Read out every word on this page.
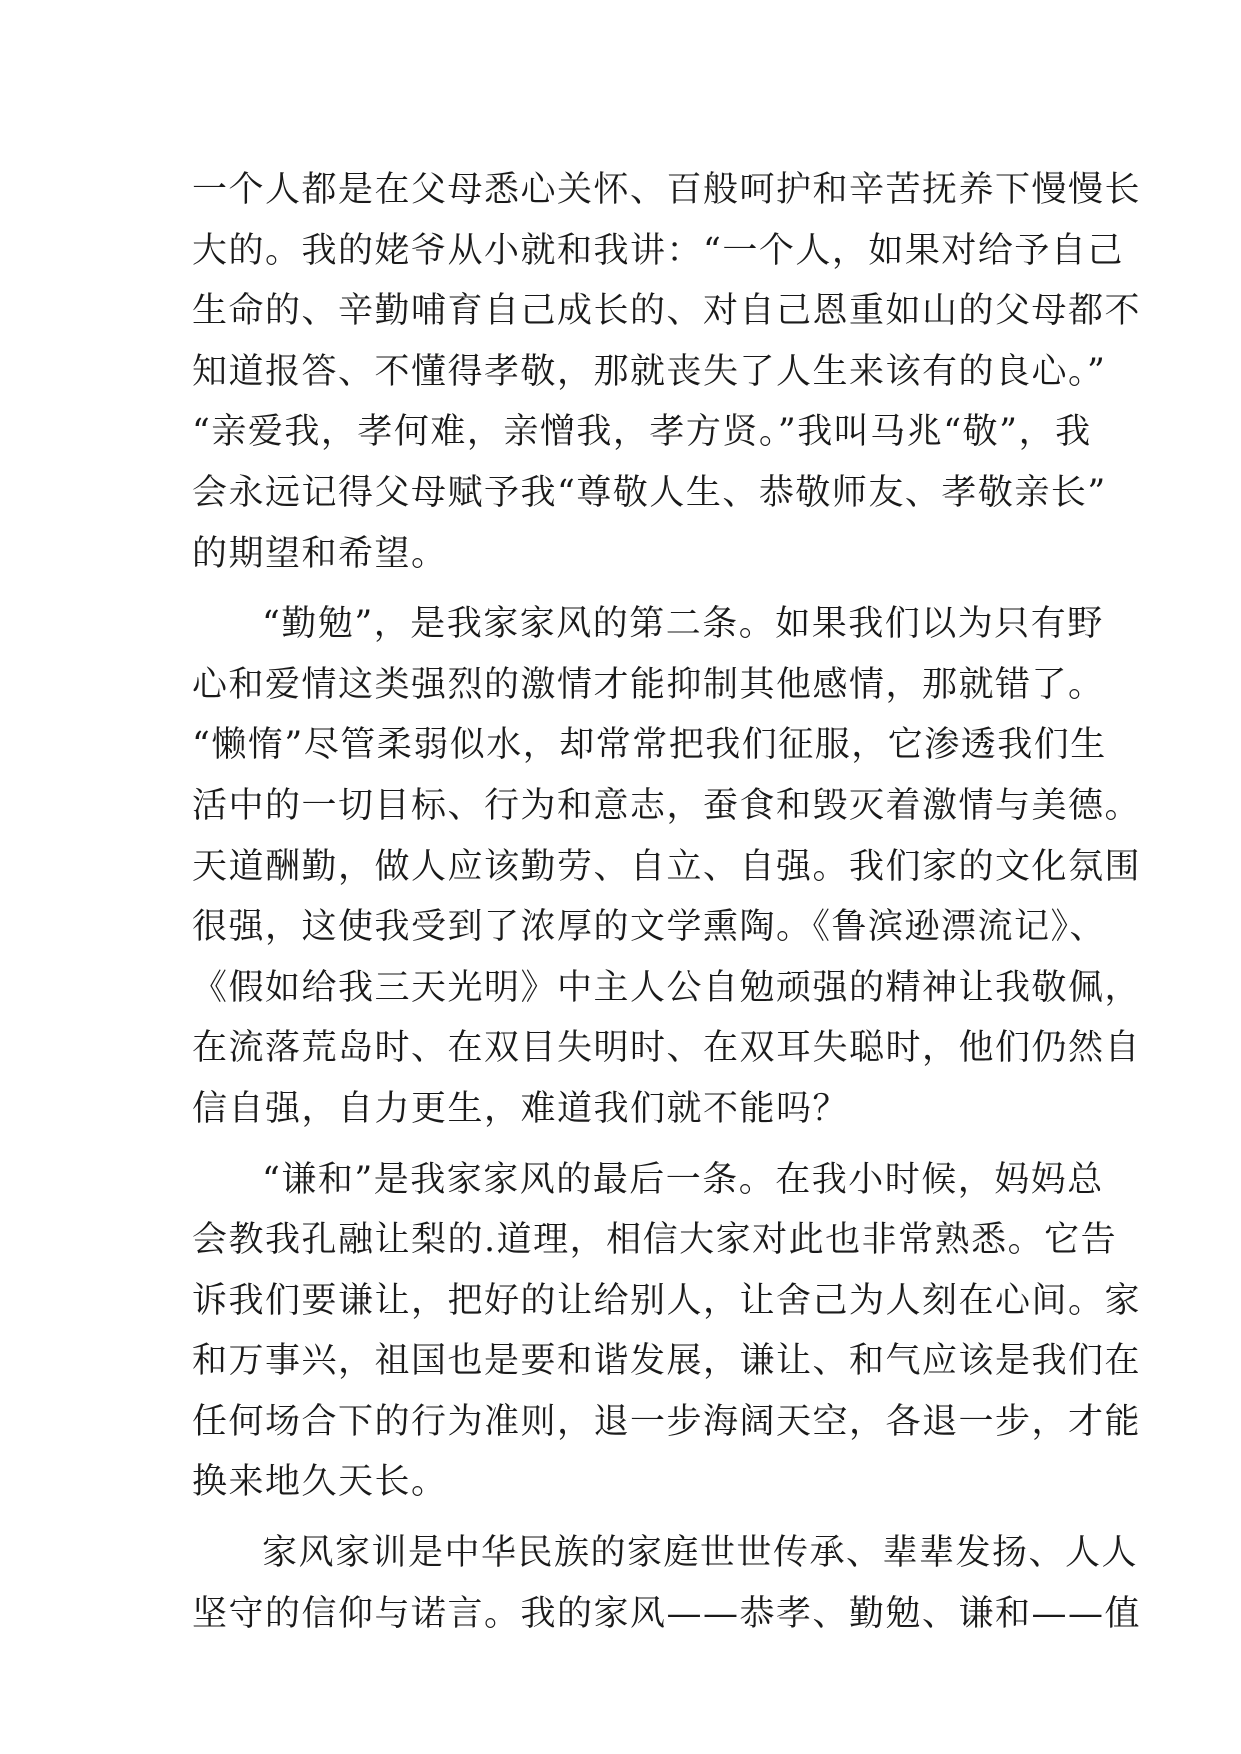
一个人都是在父母悉心关怀、百般呵护和辛苦抚养下慢慢长
大的。我的姥爷从小就和我讲：“一个人，如果对给予自己
生命的、辛勤哺育自己成长的、对自己恩重如山的父母都不
知道报答、不懂得孝敬，那就丧失了人生来该有的良心。”
“亲爱我，孝何难，亲憎我，孝方贤。”我叫马兆“敬”，我
会永远记得父母赋予我“尊敬人生、恭敬师友、孝敬亲长”
的期望和希望。
“勤勉”，是我家家风的第二条。如果我们以为只有野
心和爱情这类强烈的激情才能抑制其他感情，那就错了。
“懒惰”尽管柔弱似水，却常常把我们征服，它渗透我们生
活中的一切目标、行为和意志，蚕食和毁灭着激情与美德。
天道酬勤，做人应该勤劳、自立、自强。我们家的文化氛围
很强，这使我受到了浓厚的文学熏陶。《鲁滨逊漂流记》、
《假如给我三天光明》中主人公自勉顽强的精神让我敬佩，
在流落荒岛时、在双目失明时、在双耳失聪时，他们仍然自
信自强，自力更生，难道我们就不能吗？
“谦和”是我家家风的最后一条。在我小时候，妈妈总
会教我孔融让梨的.道理，相信大家对此也非常熟悉。它告
诉我们要谦让，把好的让给别人，让舍己为人刻在心间。家
和万事兴，祖国也是要和谐发展，谦让、和气应该是我们在
任何场合下的行为准则，退一步海阔天空，各退一步，才能
换来地久天长。
家风家训是中华民族的家庭世世传承、辈辈发扬、人人
坚守的信仰与诺言。我的家风——恭孝、勤勉、谦和——值
